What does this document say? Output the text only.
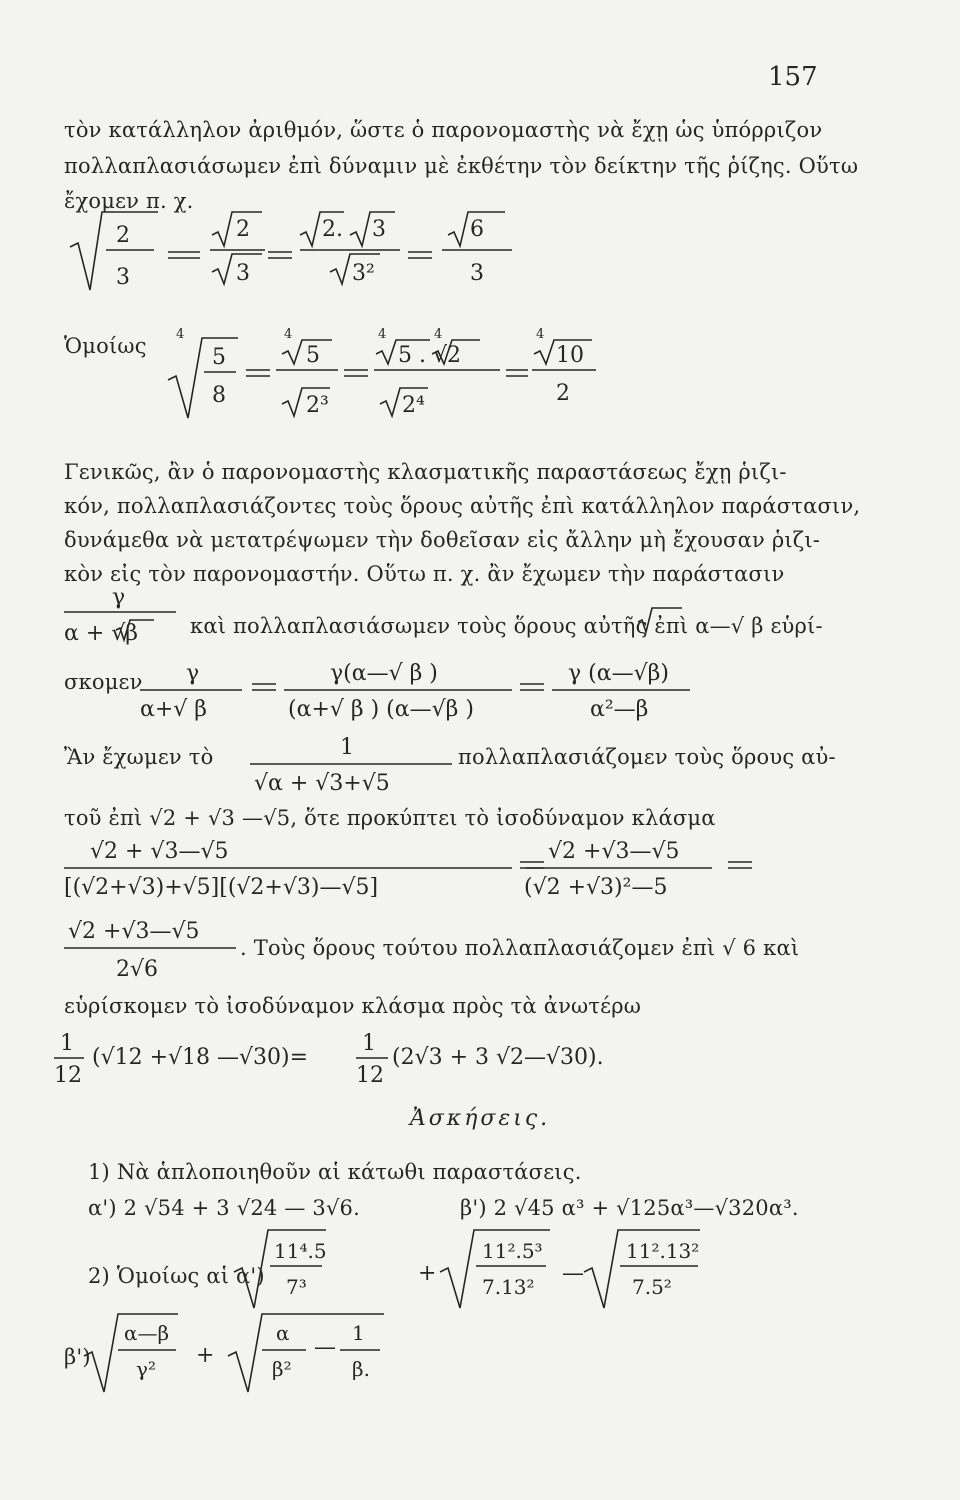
157
τὸν κατάλληλον ἀριθμόν, ὥστε ὁ παρονομαστὴς νὰ ἔχῃ ὡς ὑπόρριζον
πολλαπλασιάσωμεν ἐπὶ δύναμιν μὲ ἐκθέτην τὸν δείκτην τῆς ῥίζης. Οὕτω
ἔχομεν π. χ.
Γενικῶς, ἂν ὁ παρονομαστὴς κλασματικῆς παραστάσεως ἔχῃ ῥιζι-
κόν, πολλαπλασιάζοντες τοὺς ὅρους αὐτῆς ἐπὶ κατάλληλον παράστασιν,
δυνάμεθα νὰ μετατρέψωμεν τὴν δοθεῖσαν εἰς ἄλλην μὴ ἔχουσαν ῥιζι-
κὸν εἰς τὸν παρονομαστήν. Οὕτω π. χ. ἂν ἔχωμεν τὴν παράστασιν
καὶ πολλαπλασιάσωμεν τοὺς ὅρους αὐτῆς ἐπὶ α—√ β εὑρί-
σκομεν
Ἂν ἔχωμεν τὸ	πολλαπλασιάζομεν τοὺς ὅρους αὐ-
τοῦ ἐπὶ √2 + √3 —√5, ὅτε προκύπτει τὸ ἰσοδύναμον κλάσμα
. Τοὺς ὅρους τούτου πολλαπλασιάζομεν ἐπὶ √ 6 καὶ
εὑρίσκομεν τὸ ἰσοδύναμον κλάσμα πρὸς τὰ ἀνωτέρω
Ἀσκήσεις.
1) Νὰ ἁπλοποιηθοῦν αἱ κάτωθι παραστάσεις.
α') 2 √54 + 3 √24 — 3√6.	β') 2 √45 α³ + √125α³—√320α³.
2) Ὁμοίως αἱ α')
β')
Ὁμοίως
2
3
2
3
2. 3
3²
6
3
4	4	4	4	4
5
8
5
2³
5 . √2
2⁴
10
2
γ
α + √β
γ
α+√ β
γ(α—√ β )
(α+√ β ) (α—√β )
γ (α—√β)
α²—β
1
√α + √3+√5
√2 + √3—√5
[(√2+√3)+√5][(√2+√3)—√5]
√2 +√3—√5
(√2 +√3)²—5
√2 +√3—√5
2√6
1
12
(√12 +√18 —√30)=
1
12
(2√3 + 3 √2—√30).
11⁴.5
7³
+
11².5³
7.13²
—
11².13²
7.5²
α—β
γ²
+
α
β²
—
1
β.
